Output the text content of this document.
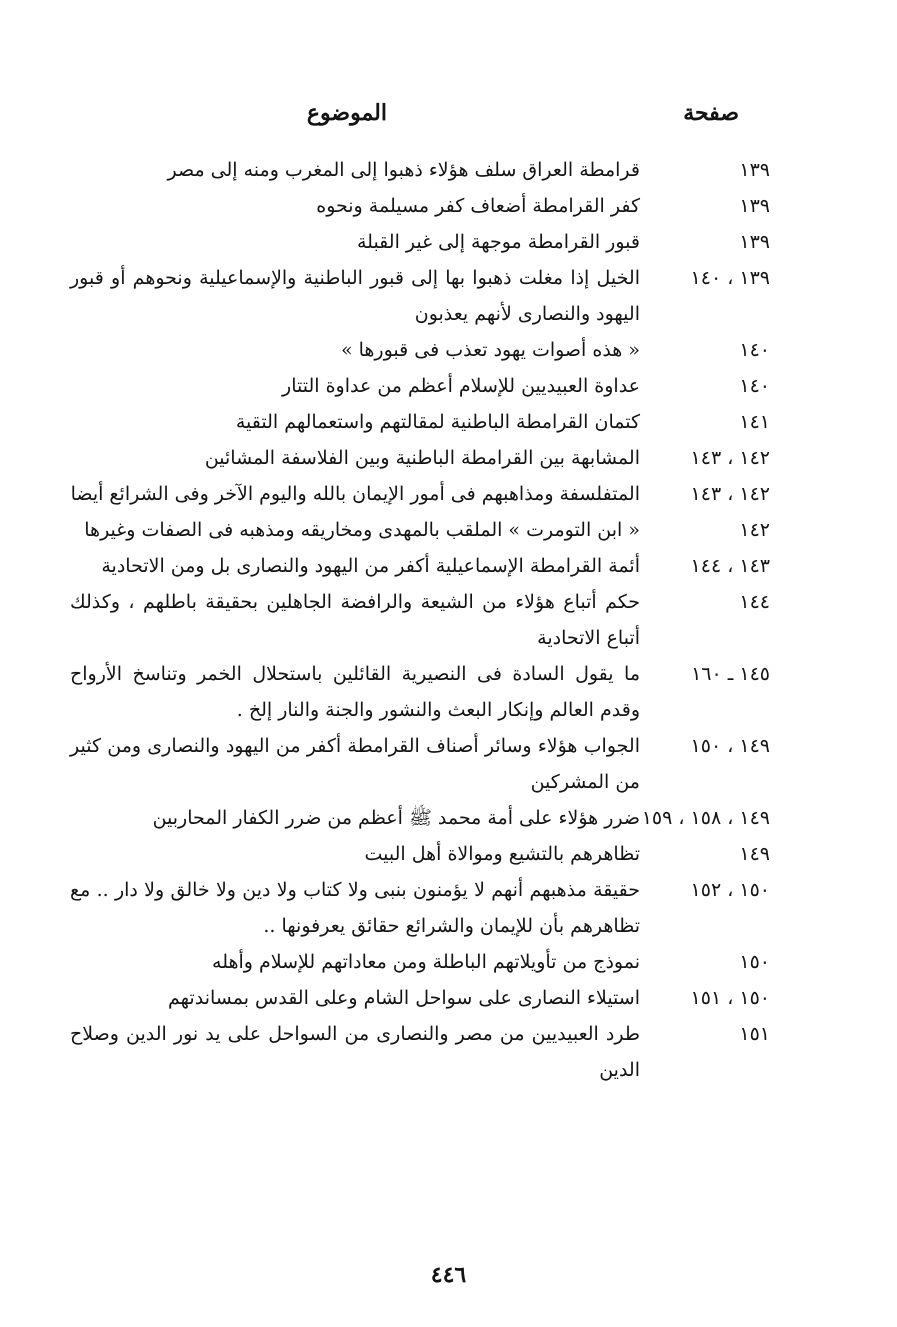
صفحة
الموضوع
١٣٩
قرامطة العراق سلف هؤلاء ذهبوا إلى المغرب ومنه إلى مصر
١٣٩
كفر القرامطة أضعاف كفر مسيلمة ونحوه
١٣٩
قبور القرامطة موجهة إلى غير القبلة
١٣٩ ، ١٤٠
الخيل إذا مغلت ذهبوا بها إلى قبور الباطنية والإسماعيلية ونحوهم أو قبور اليهود والنصارى لأنهم يعذبون
١٤٠
« هذه أصوات يهود تعذب فى قبورها »
١٤٠
عداوة العبيديين للإسلام أعظم من عداوة التتار
١٤١
كتمان القرامطة الباطنية لمقالتهم واستعمالهم التقية
١٤٢ ، ١٤٣
المشابهة بين القرامطة الباطنية وبين الفلاسفة المشائين
١٤٢ ، ١٤٣
المتفلسفة ومذاهبهم فى أمور الإيمان بالله واليوم الآخر وفى الشرائع أيضا
١٤٢
« ابن التومرت » الملقب بالمهدى ومخاريقه ومذهبه فى الصفات وغيرها
١٤٣ ، ١٤٤
أئمة القرامطة الإسماعيلية أكفر من اليهود والنصارى بل ومن الاتحادية
١٤٤
حكم أتباع هؤلاء من الشيعة والرافضة الجاهلين بحقيقة باطلهم ، وكذلك أتباع الاتحادية
١٤٥ ـ ١٦٠
ما يقول السادة فى النصيرية القائلين باستحلال الخمر وتناسخ الأرواح وقدم العالم وإنكار البعث والنشور والجنة والنار إلخ .
١٤٩ ، ١٥٠
الجواب هؤلاء وسائر أصناف القرامطة أكفر من اليهود والنصارى ومن كثير من المشركين
١٤٩ ، ١٥٨ ، ١٥٩
ضرر هؤلاء على أمة محمد ﷺ أعظم من ضرر الكفار المحاربين
١٤٩
تظاهرهم بالتشيع وموالاة أهل البيت
١٥٠ ، ١٥٢
حقيقة مذهبهم أنهم لا يؤمنون بنبى ولا كتاب ولا دين ولا خالق ولا دار .. مع تظاهرهم بأن للإيمان والشرائع حقائق يعرفونها ..
١٥٠
نموذج من تأويلاتهم الباطلة ومن معاداتهم للإسلام وأهله
١٥٠ ، ١٥١
استيلاء النصارى على سواحل الشام وعلى القدس بمساندتهم
١٥١
طرد العبيديين من مصر والنصارى من السواحل على يد نور الدين وصلاح الدين
٤٤٦
